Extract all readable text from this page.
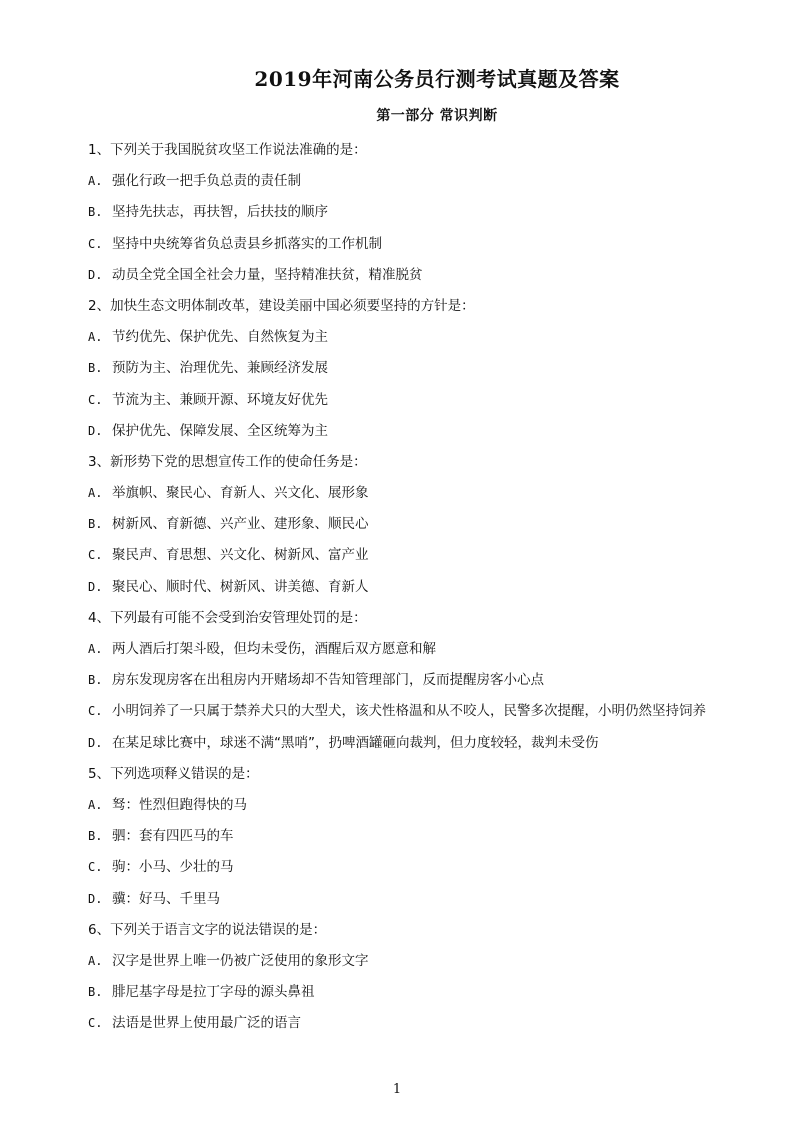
2019年河南公务员行测考试真题及答案
第一部分 常识判断
1、下列关于我国脱贫攻坚工作说法准确的是：
A. 强化行政一把手负总责的责任制
B. 坚持先扶志，再扶智，后扶技的顺序
C. 坚持中央统筹省负总责县乡抓落实的工作机制
D. 动员全党全国全社会力量，坚持精准扶贫，精准脱贫
2、加快生态文明体制改革，建设美丽中国必须要坚持的方针是：
A. 节约优先、保护优先、自然恢复为主
B. 预防为主、治理优先、兼顾经济发展
C. 节流为主、兼顾开源、环境友好优先
D. 保护优先、保障发展、全区统筹为主
3、新形势下党的思想宣传工作的使命任务是：
A. 举旗帜、聚民心、育新人、兴文化、展形象
B. 树新风、育新德、兴产业、建形象、顺民心
C. 聚民声、育思想、兴文化、树新风、富产业
D. 聚民心、顺时代、树新风、讲美德、育新人
4、下列最有可能不会受到治安管理处罚的是：
A. 两人酒后打架斗殴，但均未受伤，酒醒后双方愿意和解
B. 房东发现房客在出租房内开赌场却不告知管理部门，反而提醒房客小心点
C. 小明饲养了一只属于禁养犬只的大型犬，该犬性格温和从不咬人，民警多次提醒，小明仍然坚持饲养
D. 在某足球比赛中，球迷不满“黑哨”，扔啤酒罐砸向裁判，但力度较轻，裁判未受伤
5、下列选项释义错误的是：
A. 驽：性烈但跑得快的马
B. 驷：套有四匹马的车
C. 驹：小马、少壮的马
D. 骥：好马、千里马
6、下列关于语言文字的说法错误的是：
A. 汉字是世界上唯一仍被广泛使用的象形文字
B. 腓尼基字母是拉丁字母的源头鼻祖
C. 法语是世界上使用最广泛的语言
1
